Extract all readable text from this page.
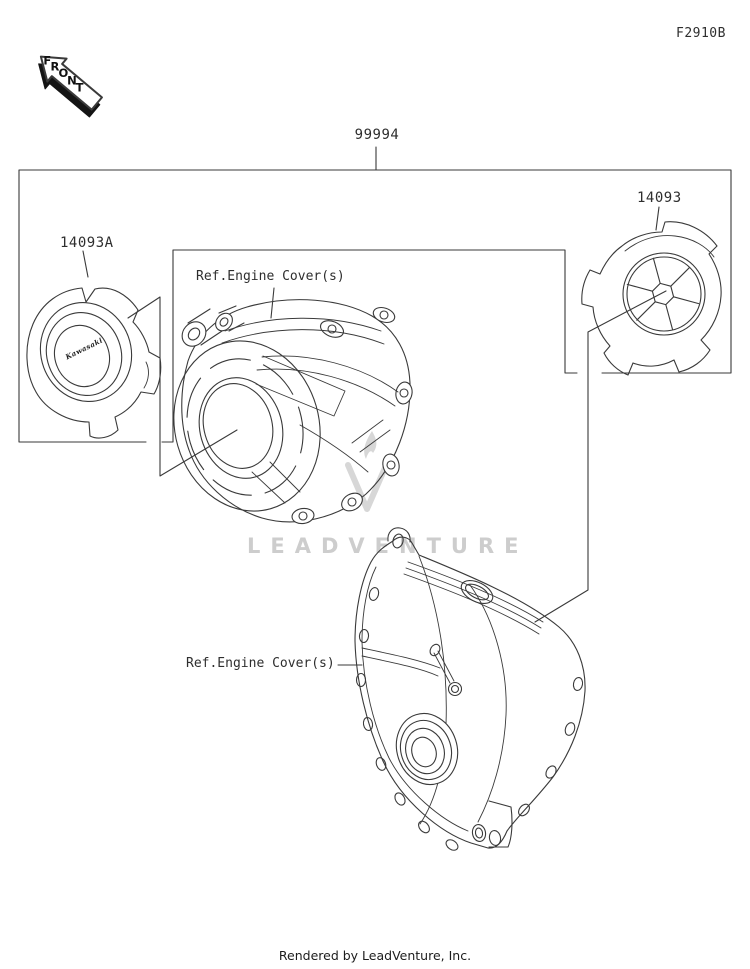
LEADVENTURE
FRONT
F2910B
99994
14093A
14093
Ref.Engine Cover(s)
Ref.Engine Cover(s)
Kawasaki
Rendered by LeadVenture, Inc.
